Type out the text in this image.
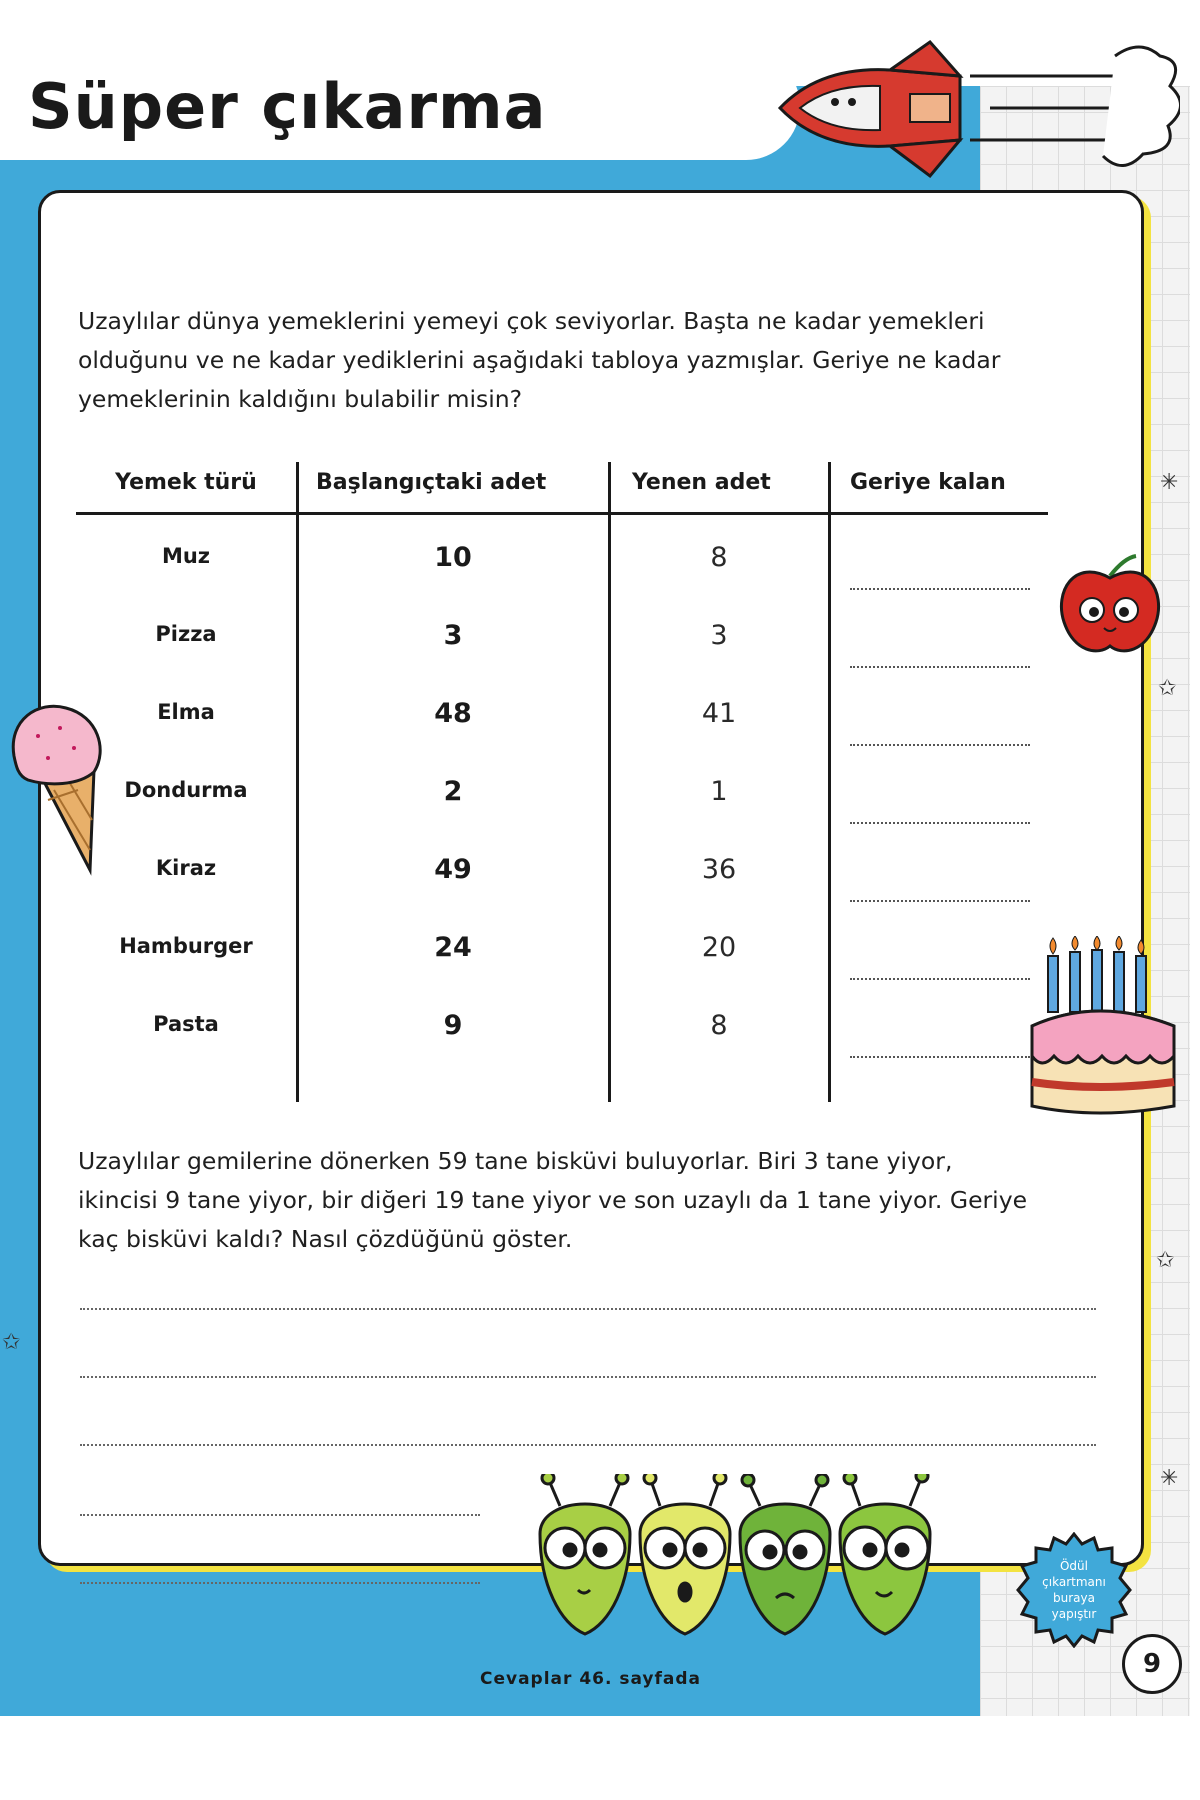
Süper çıkarma
Uzaylılar dünya yemeklerini yemeyi çok seviyorlar. Başta ne kadar yemekleri olduğunu ve ne kadar yediklerini aşağıdaki tabloya yazmışlar. Geriye ne kadar yemeklerinin kaldığını bulabilir misin?
Yemek türü	Başlangıçtaki adet	Yenen adet	Geriye kalan
Muz	10	8
Pizza	3	3
Elma	48	41
Dondurma	2	1
Kiraz	49	36
Hamburger	24	20
Pasta	9	8
Uzaylılar gemilerine dönerken 59 tane bisküvi buluyorlar. Biri 3 tane yiyor, ikincisi 9 tane yiyor, bir diğeri 19 tane yiyor ve son uzaylı da 1 tane yiyor. Geriye kaç bisküvi kaldı? Nasıl çözdüğünü göster.
✳
✩
✩
✳
✩
Ödül
çıkartmanı
buraya
yapıştır
Cevaplar 46. sayfada	9
